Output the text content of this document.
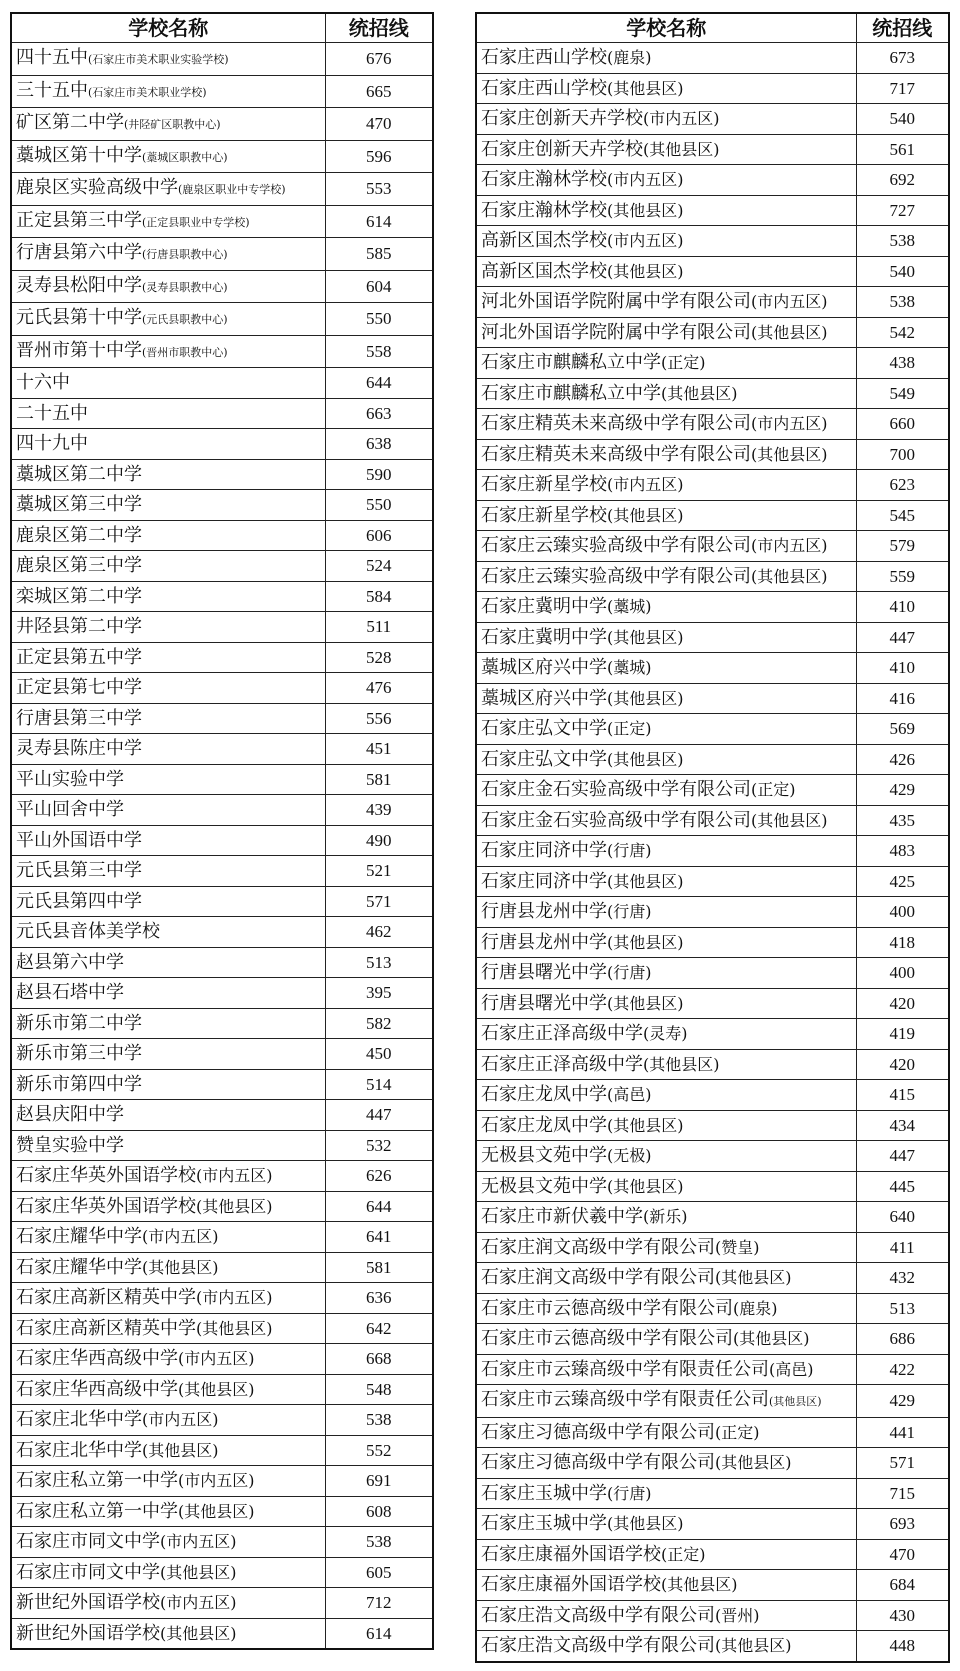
学校名称	统招线
四十五中(石家庄市美术职业实验学校)	676
三十五中(石家庄市美术职业学校)	665
矿区第二中学(井陉矿区职教中心)	470
藁城区第十中学(藁城区职教中心)	596
鹿泉区实验高级中学(鹿泉区职业中专学校)	553
正定县第三中学(正定县职业中专学校)	614
行唐县第六中学(行唐县职教中心)	585
灵寿县松阳中学(灵寿县职教中心)	604
元氏县第十中学(元氏县职教中心)	550
晋州市第十中学(晋州市职教中心)	558
十六中	644
二十五中	663
四十九中	638
藁城区第二中学	590
藁城区第三中学	550
鹿泉区第二中学	606
鹿泉区第三中学	524
栾城区第二中学	584
井陉县第二中学	511
正定县第五中学	528
正定县第七中学	476
行唐县第三中学	556
灵寿县陈庄中学	451
平山实验中学	581
平山回舍中学	439
平山外国语中学	490
元氏县第三中学	521
元氏县第四中学	571
元氏县音体美学校	462
赵县第六中学	513
赵县石塔中学	395
新乐市第二中学	582
新乐市第三中学	450
新乐市第四中学	514
赵县庆阳中学	447
赞皇实验中学	532
石家庄华英外国语学校(市内五区)	626
石家庄华英外国语学校(其他县区)	644
石家庄耀华中学(市内五区)	641
石家庄耀华中学(其他县区)	581
石家庄高新区精英中学(市内五区)	636
石家庄高新区精英中学(其他县区)	642
石家庄华西高级中学(市内五区)	668
石家庄华西高级中学(其他县区)	548
石家庄北华中学(市内五区)	538
石家庄北华中学(其他县区)	552
石家庄私立第一中学(市内五区)	691
石家庄私立第一中学(其他县区)	608
石家庄市同文中学(市内五区)	538
石家庄市同文中学(其他县区)	605
新世纪外国语学校(市内五区)	712
新世纪外国语学校(其他县区)	614
学校名称	统招线
石家庄西山学校(鹿泉)	673
石家庄西山学校(其他县区)	717
石家庄创新天卉学校(市内五区)	540
石家庄创新天卉学校(其他县区)	561
石家庄瀚林学校(市内五区)	692
石家庄瀚林学校(其他县区)	727
高新区国杰学校(市内五区)	538
高新区国杰学校(其他县区)	540
河北外国语学院附属中学有限公司(市内五区)	538
河北外国语学院附属中学有限公司(其他县区)	542
石家庄市麒麟私立中学(正定)	438
石家庄市麒麟私立中学(其他县区)	549
石家庄精英未来高级中学有限公司(市内五区)	660
石家庄精英未来高级中学有限公司(其他县区)	700
石家庄新星学校(市内五区)	623
石家庄新星学校(其他县区)	545
石家庄云臻实验高级中学有限公司(市内五区)	579
石家庄云臻实验高级中学有限公司(其他县区)	559
石家庄冀明中学(藁城)	410
石家庄冀明中学(其他县区)	447
藁城区府兴中学(藁城)	410
藁城区府兴中学(其他县区)	416
石家庄弘文中学(正定)	569
石家庄弘文中学(其他县区)	426
石家庄金石实验高级中学有限公司(正定)	429
石家庄金石实验高级中学有限公司(其他县区)	435
石家庄同济中学(行唐)	483
石家庄同济中学(其他县区)	425
行唐县龙州中学(行唐)	400
行唐县龙州中学(其他县区)	418
行唐县曙光中学(行唐)	400
行唐县曙光中学(其他县区)	420
石家庄正泽高级中学(灵寿)	419
石家庄正泽高级中学(其他县区)	420
石家庄龙凤中学(高邑)	415
石家庄龙凤中学(其他县区)	434
无极县文苑中学(无极)	447
无极县文苑中学(其他县区)	445
石家庄市新伏羲中学(新乐)	640
石家庄润文高级中学有限公司(赞皇)	411
石家庄润文高级中学有限公司(其他县区)	432
石家庄市云德高级中学有限公司(鹿泉)	513
石家庄市云德高级中学有限公司(其他县区)	686
石家庄市云臻高级中学有限责任公司(高邑)	422
石家庄市云臻高级中学有限责任公司(其他县区)	429
石家庄习德高级中学有限公司(正定)	441
石家庄习德高级中学有限公司(其他县区)	571
石家庄玉城中学(行唐)	715
石家庄玉城中学(其他县区)	693
石家庄康福外国语学校(正定)	470
石家庄康福外国语学校(其他县区)	684
石家庄浩文高级中学有限公司(晋州)	430
石家庄浩文高级中学有限公司(其他县区)	448
